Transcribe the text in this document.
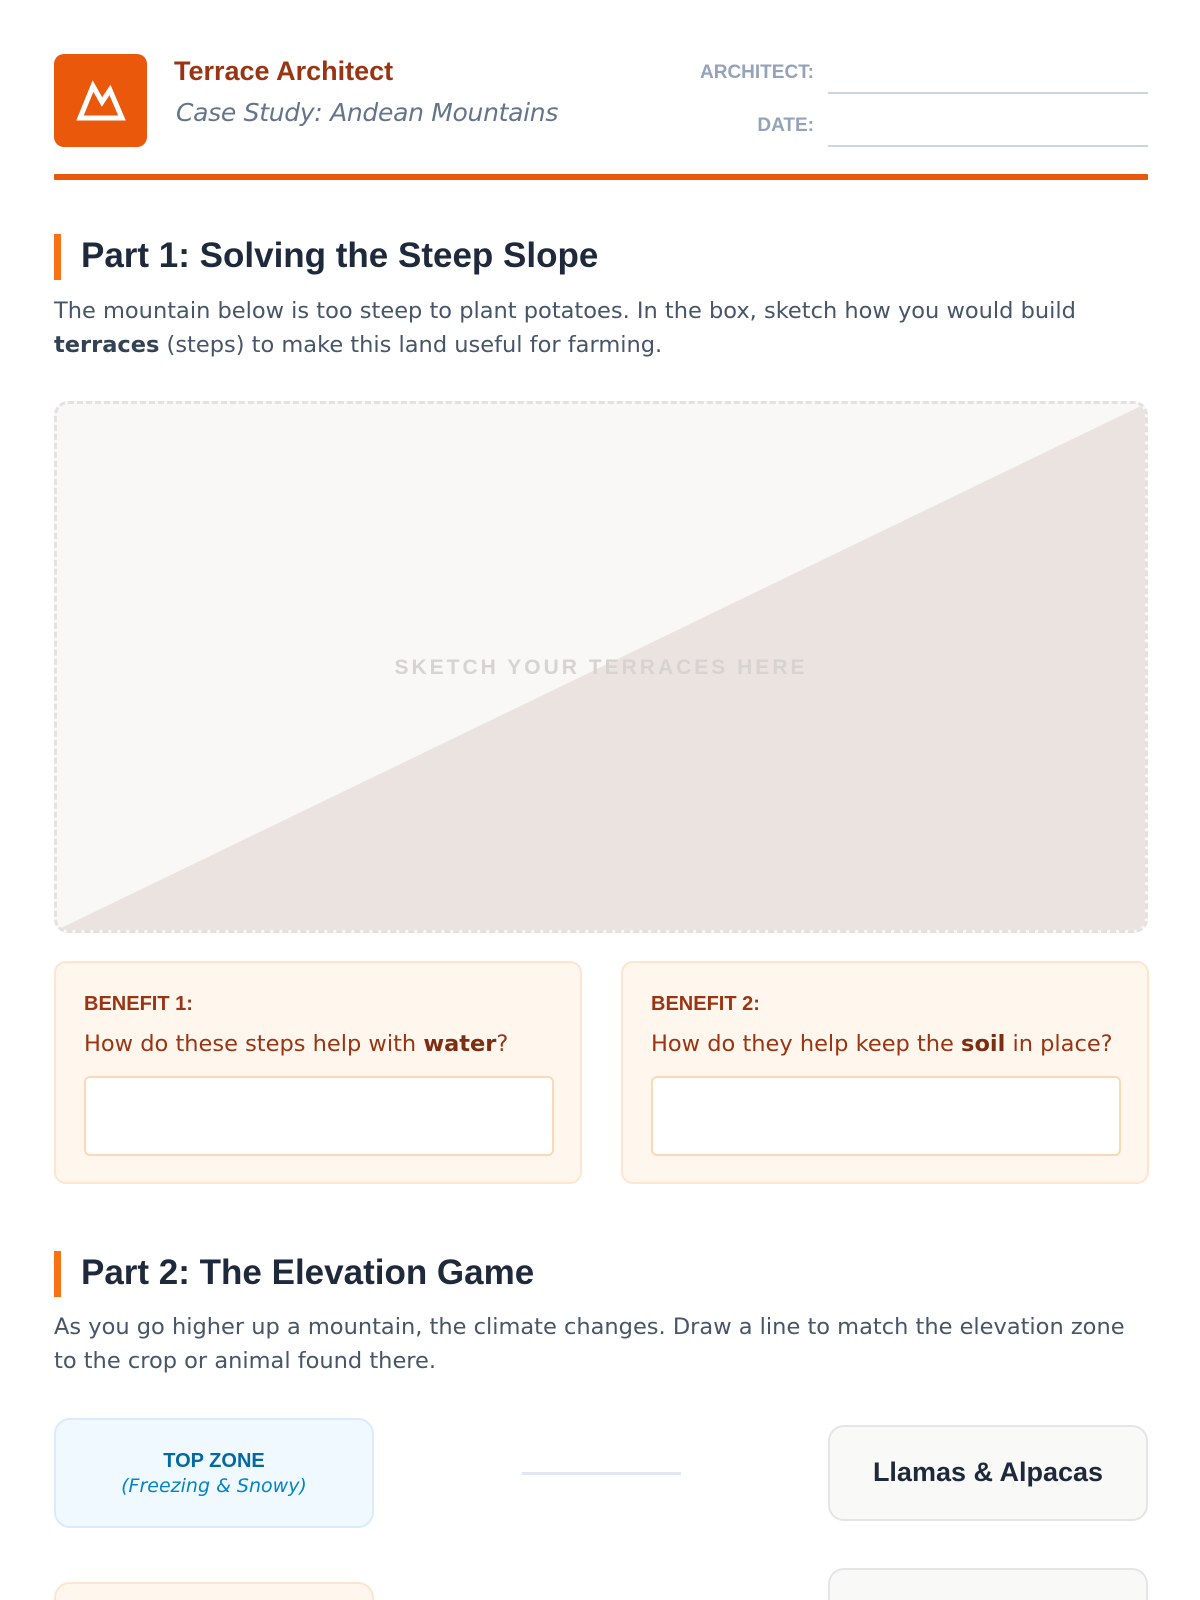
Terrace Architect
Case Study: Andean Mountains
ARCHITECT:
DATE:
Part 1: Solving the Steep Slope
The mountain below is too steep to plant potatoes. In the box, sketch how you would build terraces (steps) to make this land useful for farming.
SKETCH YOUR TERRACES HERE
BENEFIT 1:
How do these steps help with water?
BENEFIT 2:
How do they help keep the soil in place?
Part 2: The Elevation Game
As you go higher up a mountain, the climate changes. Draw a line to match the elevation zone to the crop or animal found there.
TOP ZONE
(Freezing & Snowy)	Llamas & Alpacas
